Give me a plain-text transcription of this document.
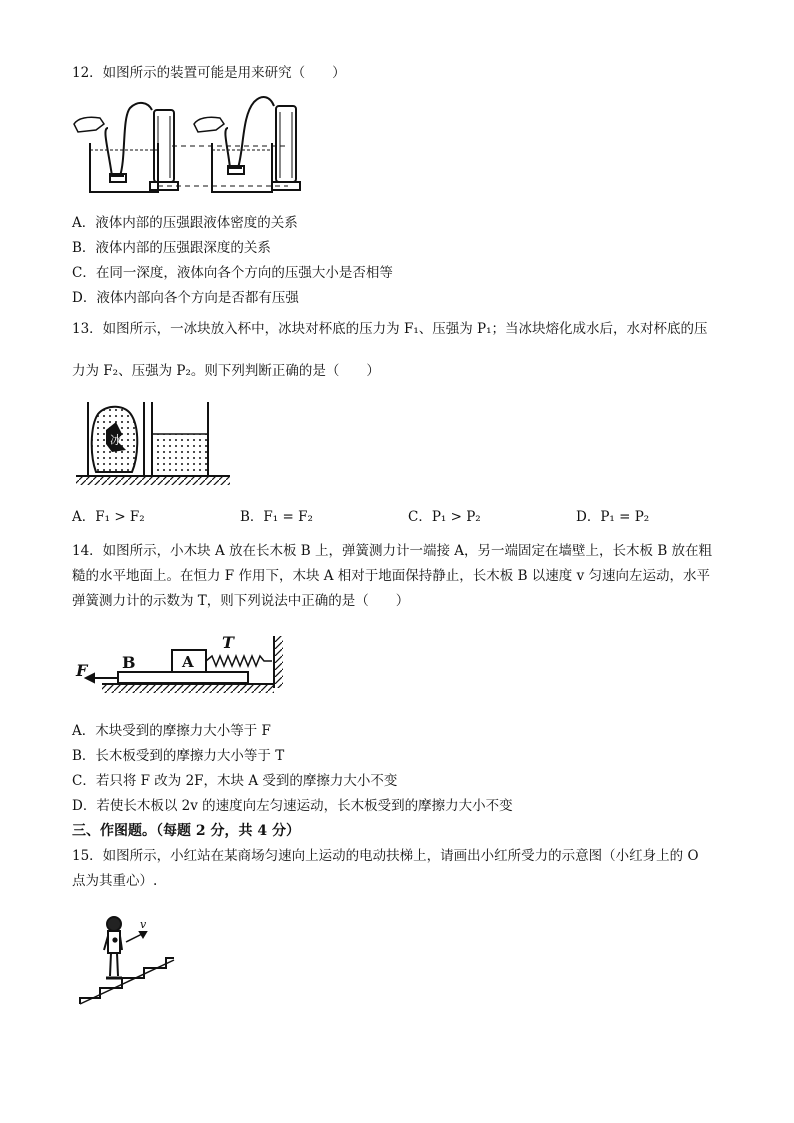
12．如图所示的装置可能是用来研究（　　）
A．液体内部的压强跟液体密度的关系
B．液体内部的压强跟深度的关系
C．在同一深度，液体向各个方向的压强大小是否相等
D．液体内部向各个方向是否都有压强
13．如图所示，一冰块放入杯中，冰块对杯底的压力为 F₁、压强为 P₁；当冰块熔化成水后，水对杯底的压
力为 F₂、压强为 P₂。则下列判断正确的是（　　）
冰
A．F₁ > F₂	B．F₁ = F₂	C．P₁ > P₂	D．P₁ = P₂
14．如图所示，小木块 A 放在长木板 B 上，弹簧测力计一端接 A，另一端固定在墙壁上，长木板 B 放在粗
糙的水平地面上。在恒力 F 作用下，木块 A 相对于地面保持静止，长木板 B 以速度 v 匀速向左运动，水平
弹簧测力计的示数为 T，则下列说法中正确的是（　　）
F B	A
T
A．木块受到的摩擦力大小等于 F
B．长木板受到的摩擦力大小等于 T
C．若只将 F 改为 2F，木块 A 受到的摩擦力大小不变
D．若使长木板以 2v 的速度向左匀速运动，长木板受到的摩擦力大小不变
三、作图题。（每题 2 分，共 4 分）
15．如图所示，小红站在某商场匀速向上运动的电动扶梯上，请画出小红所受力的示意图（小红身上的 O
点为其重心）.
v
